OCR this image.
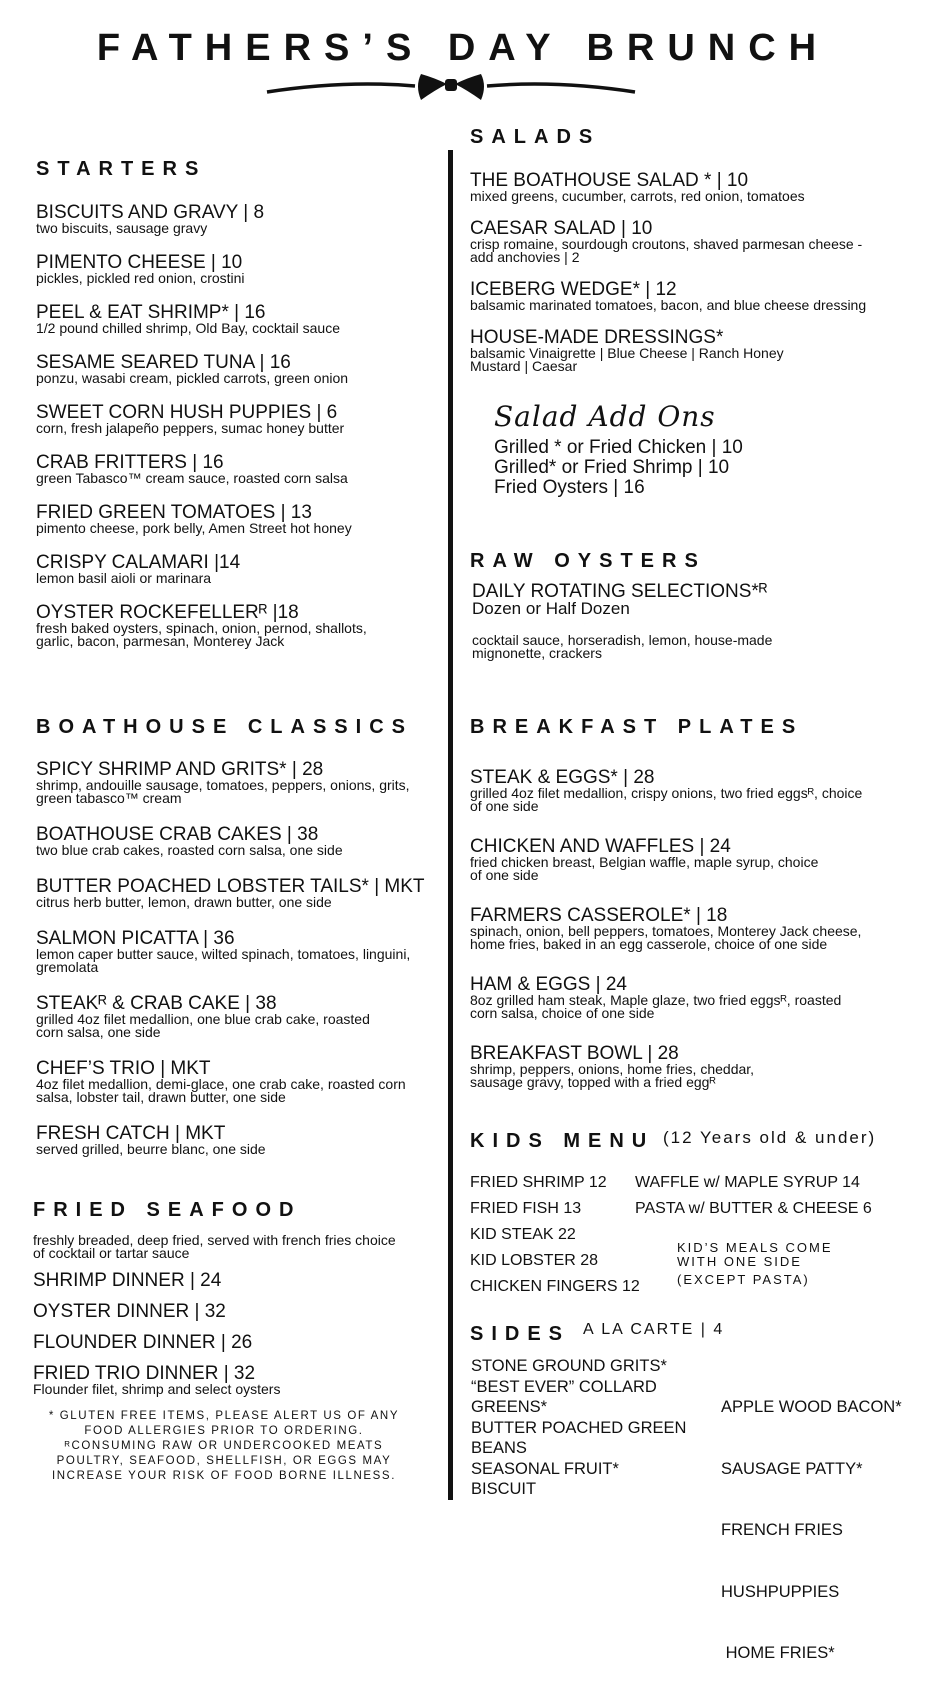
FATHERS’S DAY BRUNCH
STARTERS
BISCUITS AND GRAVY | 8
two biscuits, sausage gravy
PIMENTO CHEESE | 10
pickles, pickled red onion, crostini
PEEL & EAT SHRIMP* | 16
1/2 pound chilled shrimp, Old Bay, cocktail sauce
SESAME SEARED TUNA | 16
ponzu, wasabi cream, pickled carrots, green onion
SWEET CORN HUSH PUPPIES | 6
corn, fresh jalapeño peppers, sumac honey butter
CRAB FRITTERS | 16
green Tabasco™ cream sauce, roasted corn salsa
FRIED GREEN TOMATOES | 13
pimento cheese, pork belly, Amen Street hot honey
CRISPY CALAMARI |14
lemon basil aioli or marinara
OYSTER ROCKEFELLERᴿ |18
fresh baked oysters, spinach, onion, pernod, shallots, garlic, bacon, parmesan, Monterey Jack
BOATHOUSE CLASSICS
SPICY SHRIMP AND GRITS* | 28
shrimp, andouille sausage, tomatoes, peppers, onions, grits, green tabasco™ cream
BOATHOUSE CRAB CAKES | 38
two blue crab cakes, roasted corn salsa, one side
BUTTER POACHED LOBSTER TAILS* | MKT
citrus herb butter, lemon, drawn butter, one side
SALMON PICATTA | 36
lemon caper butter sauce, wilted spinach, tomatoes, linguini, gremolata
STEAKᴿ & CRAB CAKE | 38
grilled 4oz filet medallion, one blue crab cake, roasted corn salsa, one side
CHEF’S TRIO | MKT
4oz filet medallion, demi-glace, one crab cake, roasted corn salsa, lobster tail, drawn butter, one side
FRESH CATCH | MKT
served grilled, beurre blanc, one side
FRIED SEAFOOD
freshly breaded, deep fried, served with french fries choice of cocktail or tartar sauce
SHRIMP DINNER | 24
OYSTER DINNER | 32
FLOUNDER DINNER | 26
FRIED TRIO DINNER | 32
Flounder filet, shrimp and select oysters
* GLUTEN FREE ITEMS, PLEASE ALERT US OF ANY
FOOD ALLERGIES PRIOR TO ORDERING.
ᴿCONSUMING RAW OR UNDERCOOKED MEATS
POULTRY, SEAFOOD, SHELLFISH, OR EGGS MAY
INCREASE YOUR RISK OF FOOD BORNE ILLNESS.
SALADS
THE BOATHOUSE SALAD * | 10
mixed greens, cucumber, carrots, red onion, tomatoes
CAESAR SALAD | 10
crisp romaine, sourdough croutons, shaved parmesan cheese - add anchovies | 2
ICEBERG WEDGE* | 12
balsamic marinated tomatoes, bacon, and blue cheese dressing
HOUSE-MADE DRESSINGS*
balsamic Vinaigrette | Blue Cheese | Ranch Honey Mustard | Caesar
Salad Add Ons
Grilled * or Fried Chicken | 10
Grilled* or Fried Shrimp | 10
Fried Oysters | 16
RAW OYSTERS
DAILY ROTATING SELECTIONS*ᴿ
Dozen or Half Dozen
cocktail sauce, horseradish, lemon, house-made mignonette, crackers
BREAKFAST PLATES
STEAK & EGGS* | 28
grilled 4oz filet medallion, crispy onions, two fried eggsᴿ, choice of one side
CHICKEN AND WAFFLES | 24
fried chicken breast, Belgian waffle, maple syrup, choice of one side
FARMERS CASSEROLE* | 18
spinach, onion, bell peppers, tomatoes, Monterey Jack cheese, home fries, baked in an egg casserole, choice of one side
HAM & EGGS | 24
8oz grilled ham steak, Maple glaze, two fried eggsᴿ, roasted corn salsa, choice of one side
BREAKFAST BOWL | 28
shrimp, peppers, onions, home fries, cheddar, sausage gravy, topped with a fried eggᴿ
KIDS MENU (12 Years old & under)
FRIED SHRIMP 12
FRIED FISH 13
KID STEAK 22
KID LOBSTER 28
CHICKEN FINGERS 12
WAFFLE w/ MAPLE SYRUP 14
PASTA w/ BUTTER & CHEESE 6
KID’S MEALS COME
WITH ONE SIDE
(EXCEPT PASTA)
SIDES A LA CARTE | 4
STONE GROUND GRITS*
“BEST EVER” COLLARD
GREENS*
BUTTER POACHED GREEN
BEANS
SEASONAL FRUIT*
BISCUIT

APPLE WOOD BACON*

SAUSAGE PATTY*

FRENCH FRIES

HUSHPUPPIES

HOME FRIES*
